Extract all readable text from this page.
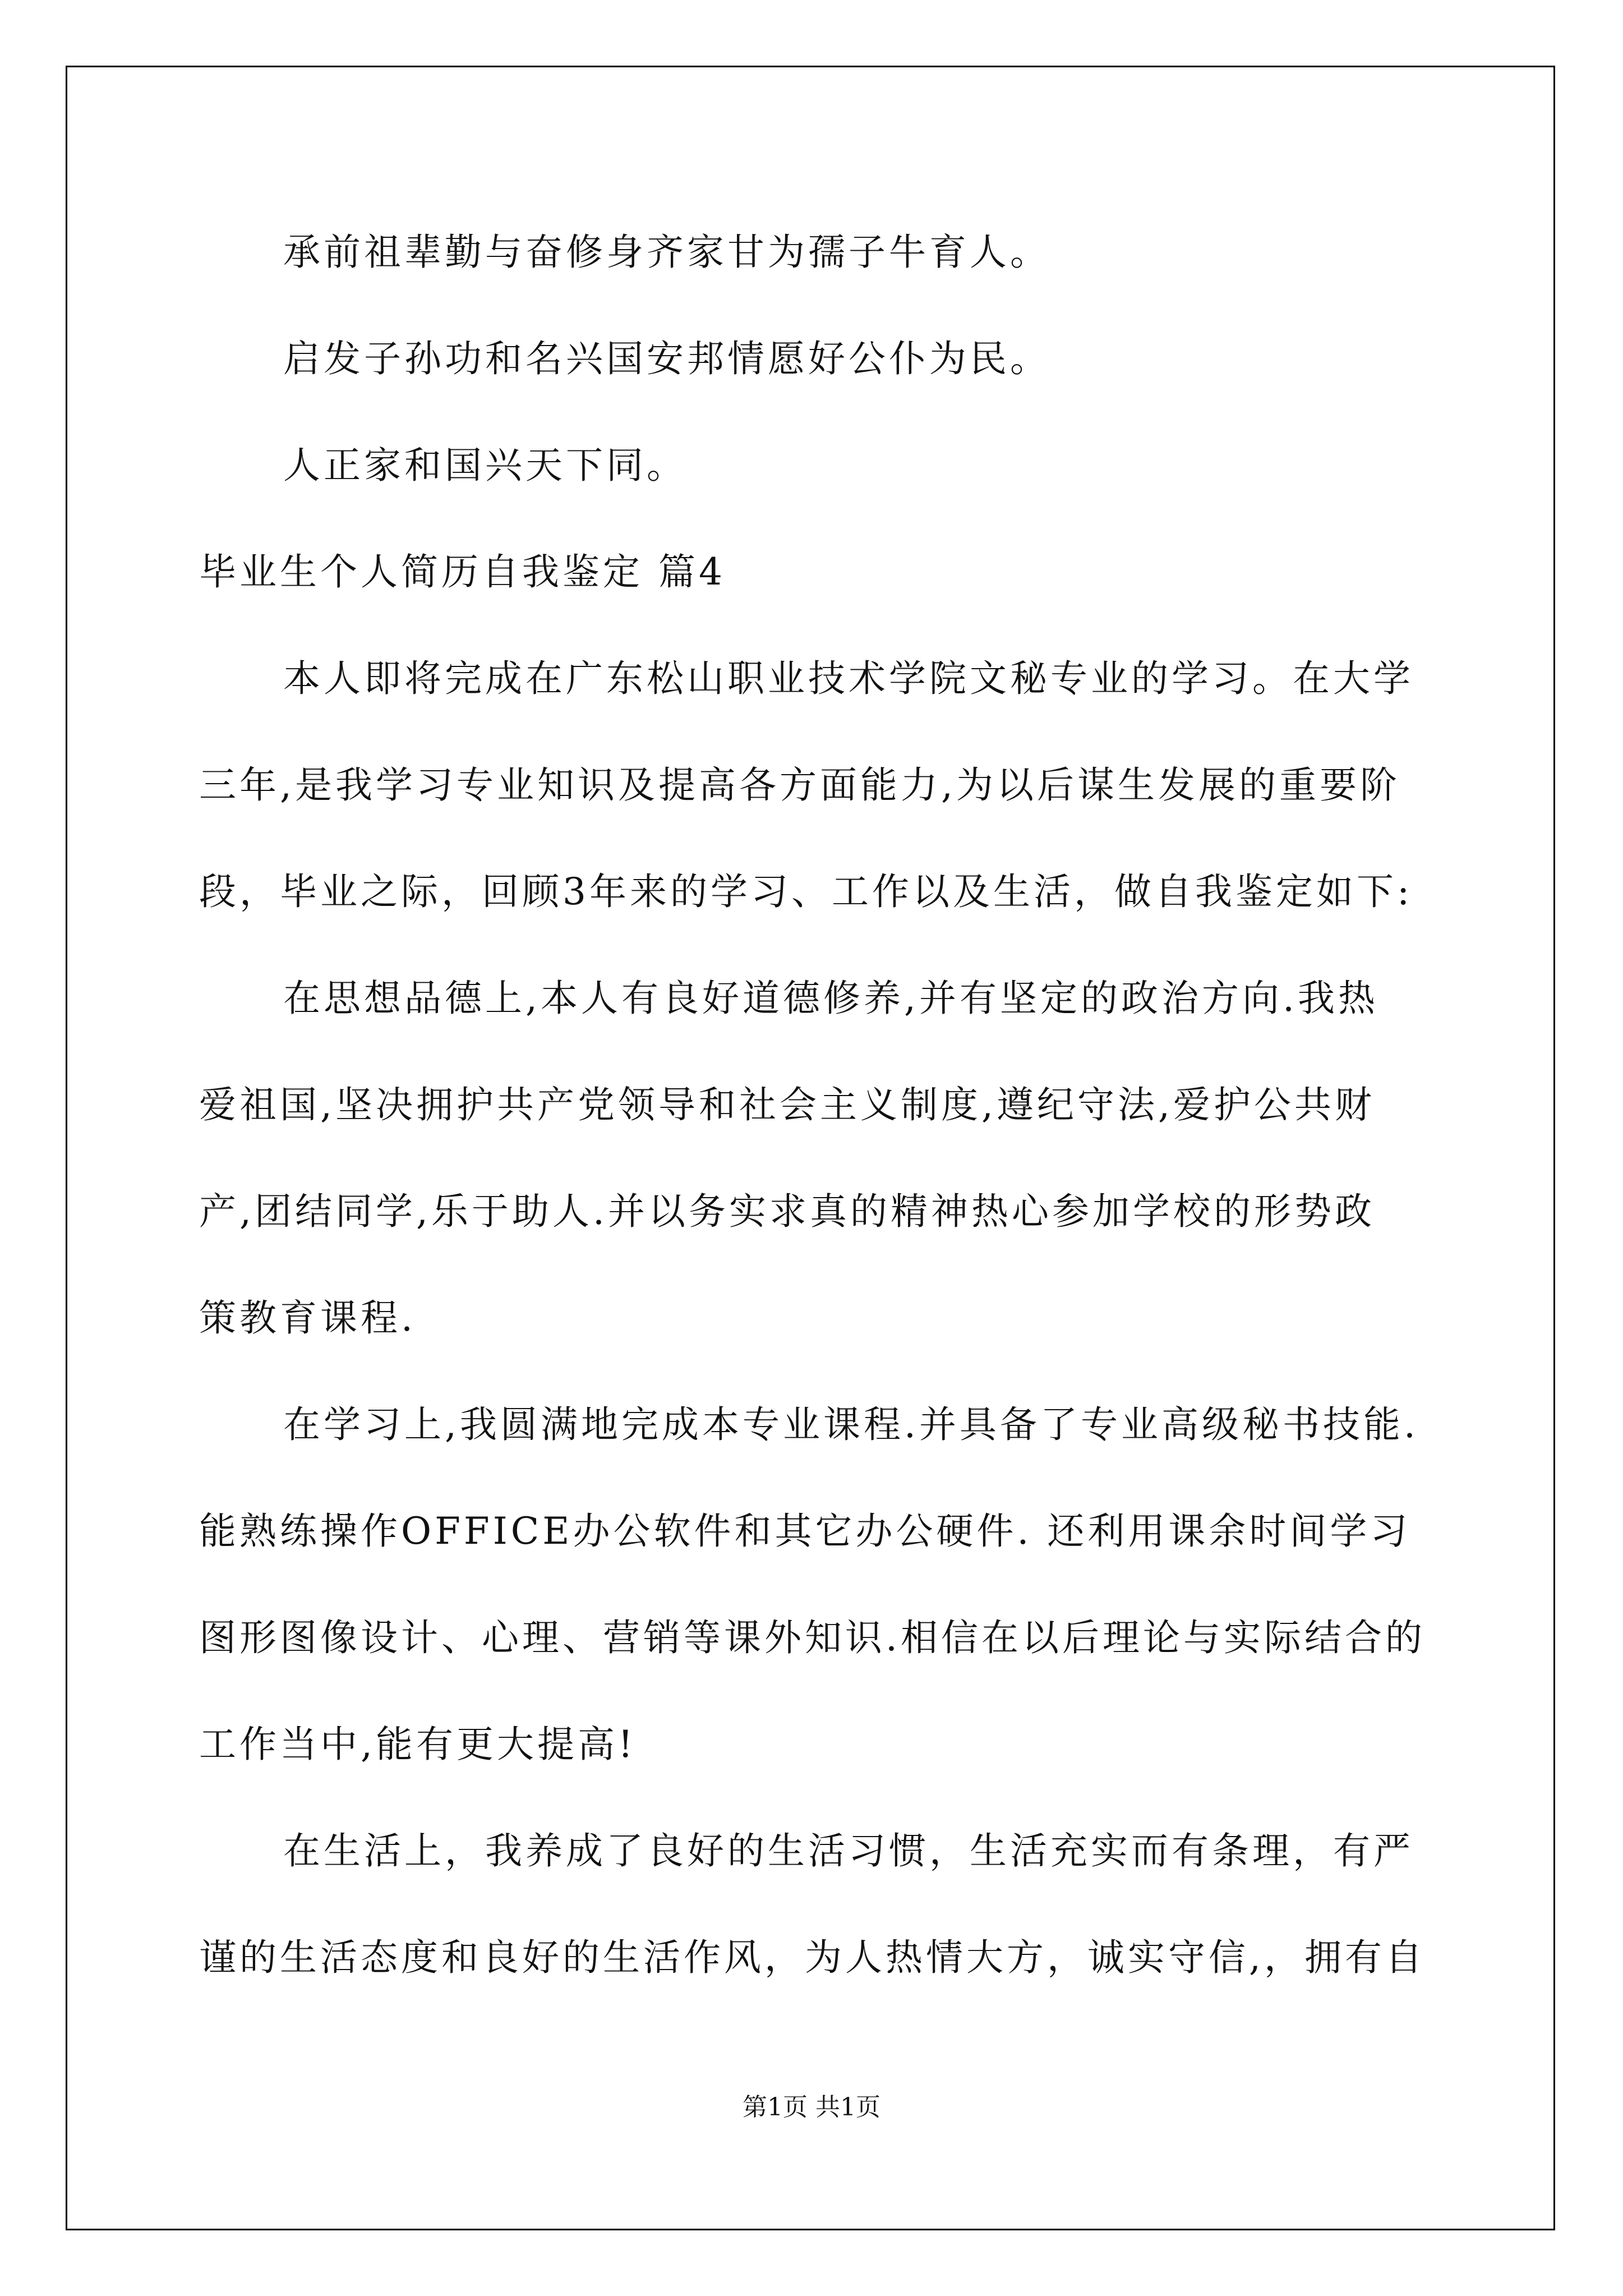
承前祖辈勤与奋修身齐家甘为孺子牛育人。
启发子孙功和名兴国安邦情愿好公仆为民。
人正家和国兴天下同。
毕业生个人简历自我鉴定 篇4
本人即将完成在广东松山职业技术学院文秘专业的学习。在大学
三年,是我学习专业知识及提高各方面能力,为以后谋生发展的重要阶
段，毕业之际，回顾3年来的学习、工作以及生活，做自我鉴定如下:
在思想品德上,本人有良好道德修养,并有坚定的政治方向.我热
爱祖国,坚决拥护共产党领导和社会主义制度,遵纪守法,爱护公共财
产,团结同学,乐于助人.并以务实求真的精神热心参加学校的形势政
策教育课程.
在学习上,我圆满地完成本专业课程.并具备了专业高级秘书技能.
能熟练操作OFFICE办公软件和其它办公硬件. 还利用课余时间学习
图形图像设计、心理、营销等课外知识.相信在以后理论与实际结合的
工作当中,能有更大提高!
在生活上，我养成了良好的生活习惯，生活充实而有条理，有严
谨的生活态度和良好的生活作风，为人热情大方，诚实守信,，拥有自
第1页 共1页
